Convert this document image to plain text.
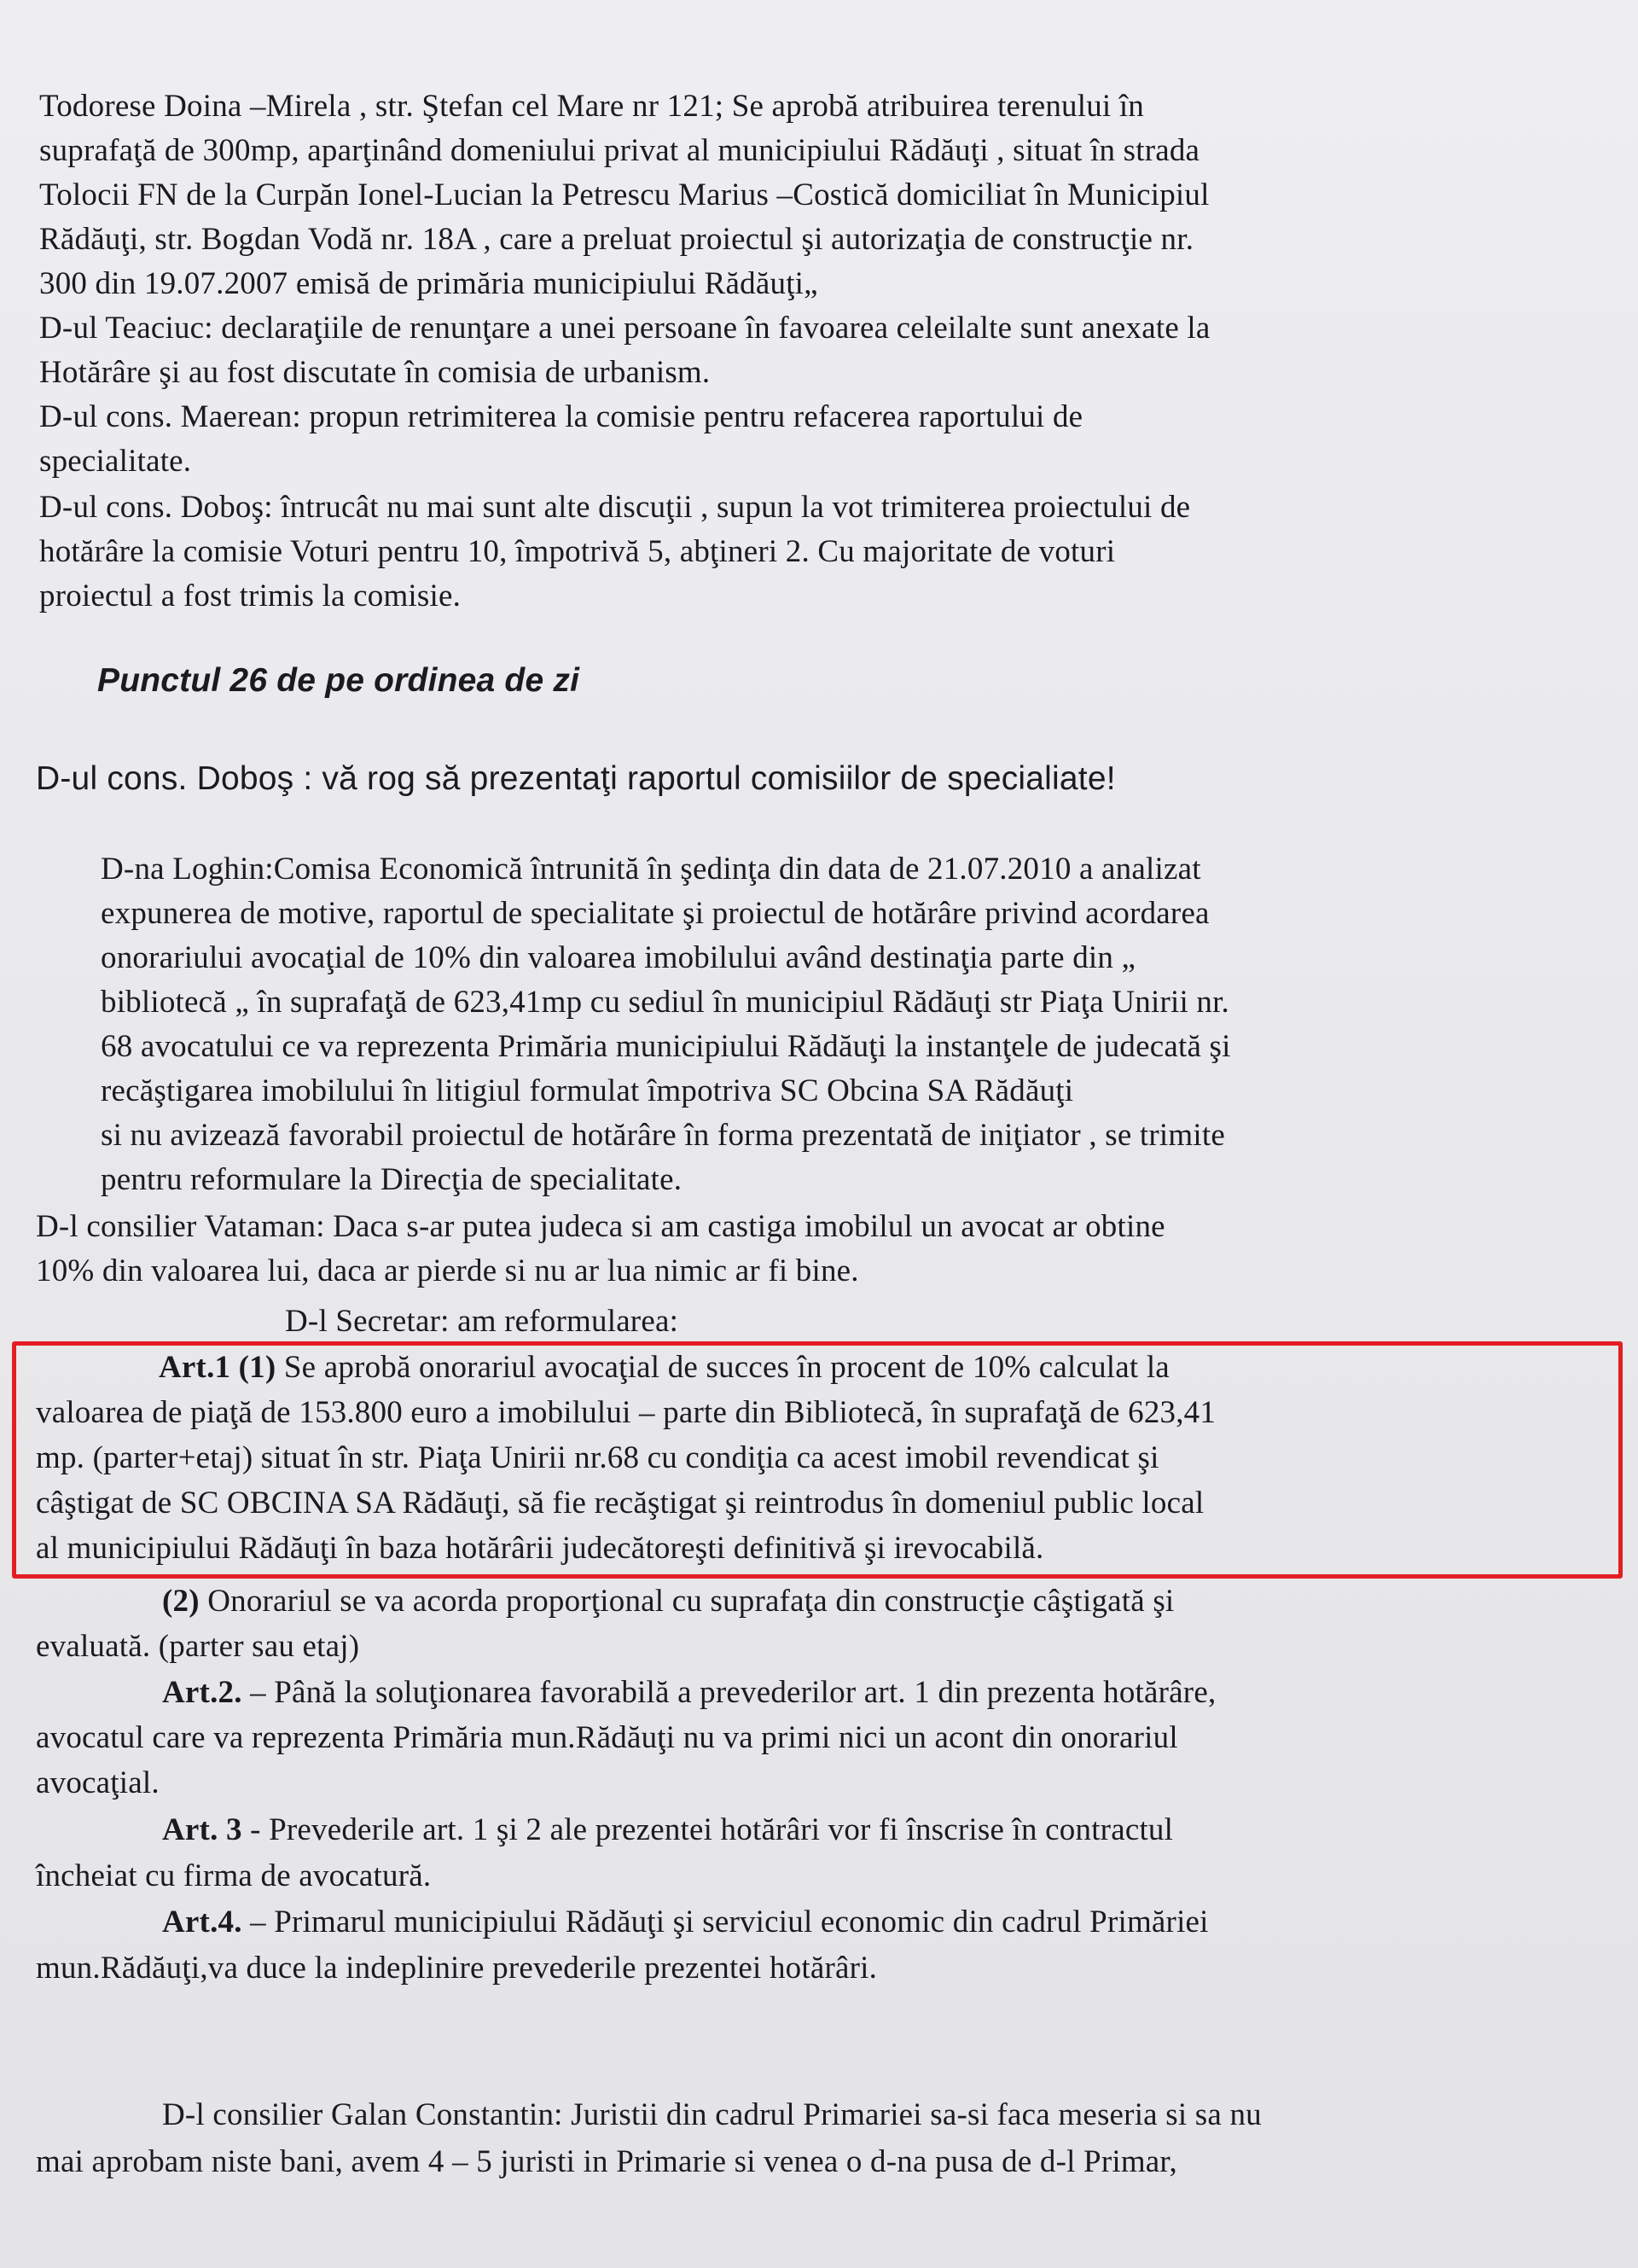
Todorese Doina –Mirela , str. Ştefan cel Mare nr 121; Se aprobă atribuirea terenului în

suprafaţă de 300mp, aparţinând domeniului privat al municipiului Rădăuţi , situat în strada

Tolocii FN de la Curpăn Ionel-Lucian la Petrescu Marius –Costică domiciliat în Municipiul

Rădăuţi, str. Bogdan Vodă nr. 18A , care a preluat proiectul şi autorizaţia de construcţie nr.

300 din 19.07.2007 emisă de primăria municipiului Rădăuţi„

D-ul Teaciuc: declaraţiile de renunţare a unei persoane în favoarea celeilalte sunt anexate la

Hotărâre şi au fost discutate în comisia de urbanism.

D-ul cons. Maerean: propun retrimiterea la comisie pentru refacerea raportului de

specialitate.

D-ul cons. Doboş: întrucât nu mai sunt alte discuţii , supun la vot trimiterea proiectului de

hotărâre la comisie Voturi pentru 10, împotrivă 5, abţineri 2. Cu majoritate de voturi

proiectul a fost trimis la comisie.

Punctul 26 de pe ordinea de zi

D-ul cons. Doboş : vă rog să prezentaţi raportul comisiilor de specialiate!

D-na Loghin:Comisa Economică întrunită în şedinţa din data de 21.07.2010 a analizat

expunerea de motive, raportul de specialitate şi proiectul de hotărâre privind acordarea

onorariului avocaţial de 10% din valoarea imobilului având destinaţia parte din „

bibliotecă „ în suprafaţă de 623,41mp cu sediul în municipiul Rădăuţi str Piaţa Unirii nr.

68 avocatului ce va reprezenta Primăria municipiului Rădăuţi la instanţele de judecată şi

recăştigarea imobilului în litigiul formulat împotriva SC Obcina SA Rădăuţi

si nu avizează favorabil proiectul de hotărâre în forma prezentată de iniţiator , se trimite

pentru reformulare la Direcţia de specialitate.

D-l consilier Vataman: Daca s-ar putea judeca si am castiga imobilul un avocat ar obtine

10% din valoarea lui, daca ar pierde si nu ar lua nimic ar fi bine.

D-l Secretar: am reformularea:

Art.1 (1) Se aprobă onorariul avocaţial de succes în procent de 10% calculat la

valoarea de piaţă de 153.800 euro a imobilului – parte din Bibliotecă, în suprafaţă de 623,41

mp. (parter+etaj) situat în str. Piaţa Unirii nr.68 cu condiţia ca acest imobil revendicat şi

câştigat de SC OBCINA SA Rădăuţi, să fie recăştigat şi reintrodus în domeniul public local

al municipiului Rădăuţi în baza hotărârii judecătoreşti definitivă şi irevocabilă.

(2) Onorariul se va acorda proporţional cu suprafaţa din construcţie câştigată şi

evaluată. (parter sau etaj)

Art.2. – Până la soluţionarea favorabilă a prevederilor art. 1 din prezenta hotărâre,

avocatul care va reprezenta Primăria mun.Rădăuţi nu va primi nici un acont din onorariul

avocaţial.

Art. 3 - Prevederile art. 1 şi 2 ale prezentei hotărâri vor fi înscrise în contractul

încheiat cu firma de avocatură.

Art.4. – Primarul municipiului Rădăuţi şi serviciul economic din cadrul Primăriei

mun.Rădăuţi,va duce la indeplinire prevederile prezentei hotărâri.

D-l consilier Galan Constantin: Juristii din cadrul Primariei sa-si faca meseria si sa nu

mai aprobam niste bani, avem 4 – 5 juristi in Primarie si venea o d-na pusa de d-l Primar,
